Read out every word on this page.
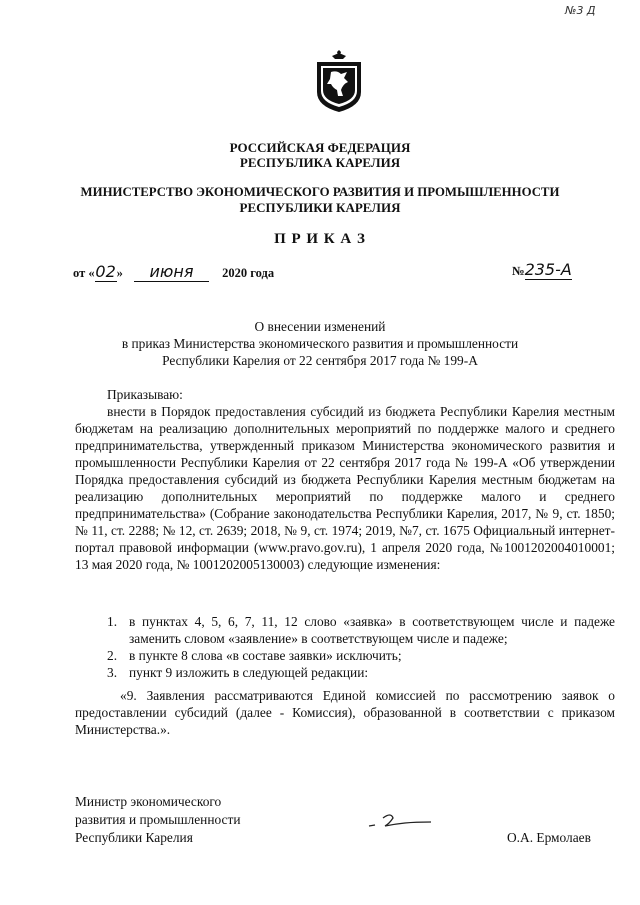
№3 Д
РОССИЙСКАЯ ФЕДЕРАЦИЯ
РЕСПУБЛИКА КАРЕЛИЯ
МИНИСТЕРСТВО ЭКОНОМИЧЕСКОГО РАЗВИТИЯ И ПРОМЫШЛЕННОСТИ
РЕСПУБЛИКИ КАРЕЛИЯ
П Р И К А З
от «02» июня 2020 года	№235-А
О внесении изменений
в приказ Министерства экономического развития и промышленности
Республики Карелия от 22 сентября 2017 года № 199-А
Приказываю:
внести в Порядок предоставления субсидий из бюджета Республики Карелия местным бюджетам на реализацию дополнительных мероприятий по поддержке малого и среднего предпринимательства, утвержденный приказом Министерства экономического развития и промышленности Республики Карелия от 22 сентября 2017 года № 199-А «Об утверждении Порядка предоставления субсидий из бюджета Республики Карелия местным бюджетам на реализацию дополнительных мероприятий по поддержке малого и среднего предпринимательства» (Собрание законодательства Республики Карелия, 2017, № 9, ст. 1850; № 11, ст. 2288; № 12, ст. 2639; 2018, № 9, ст. 1974; 2019, №7, ст. 1675 Официальный интернет-портал правовой информации (www.pravo.gov.ru), 1 апреля 2020 года, №1001202004010001; 13 мая 2020 года, № 1001202005130003) следующие изменения:
1. в пунктах 4, 5, 6, 7, 11, 12 слово «заявка» в соответствующем числе и падеже заменить словом «заявление» в соответствующем числе и падеже;
2. в пункте 8 слова «в составе заявки» исключить;
3. пункт 9 изложить в следующей редакции:
«9. Заявления рассматриваются Единой комиссией по рассмотрению заявок о предоставлении субсидий (далее - Комиссия), образованной в соответствии с приказом Министерства.».
Министр экономического
развития и промышленности
Республики Карелия	О.А. Ермолаев
